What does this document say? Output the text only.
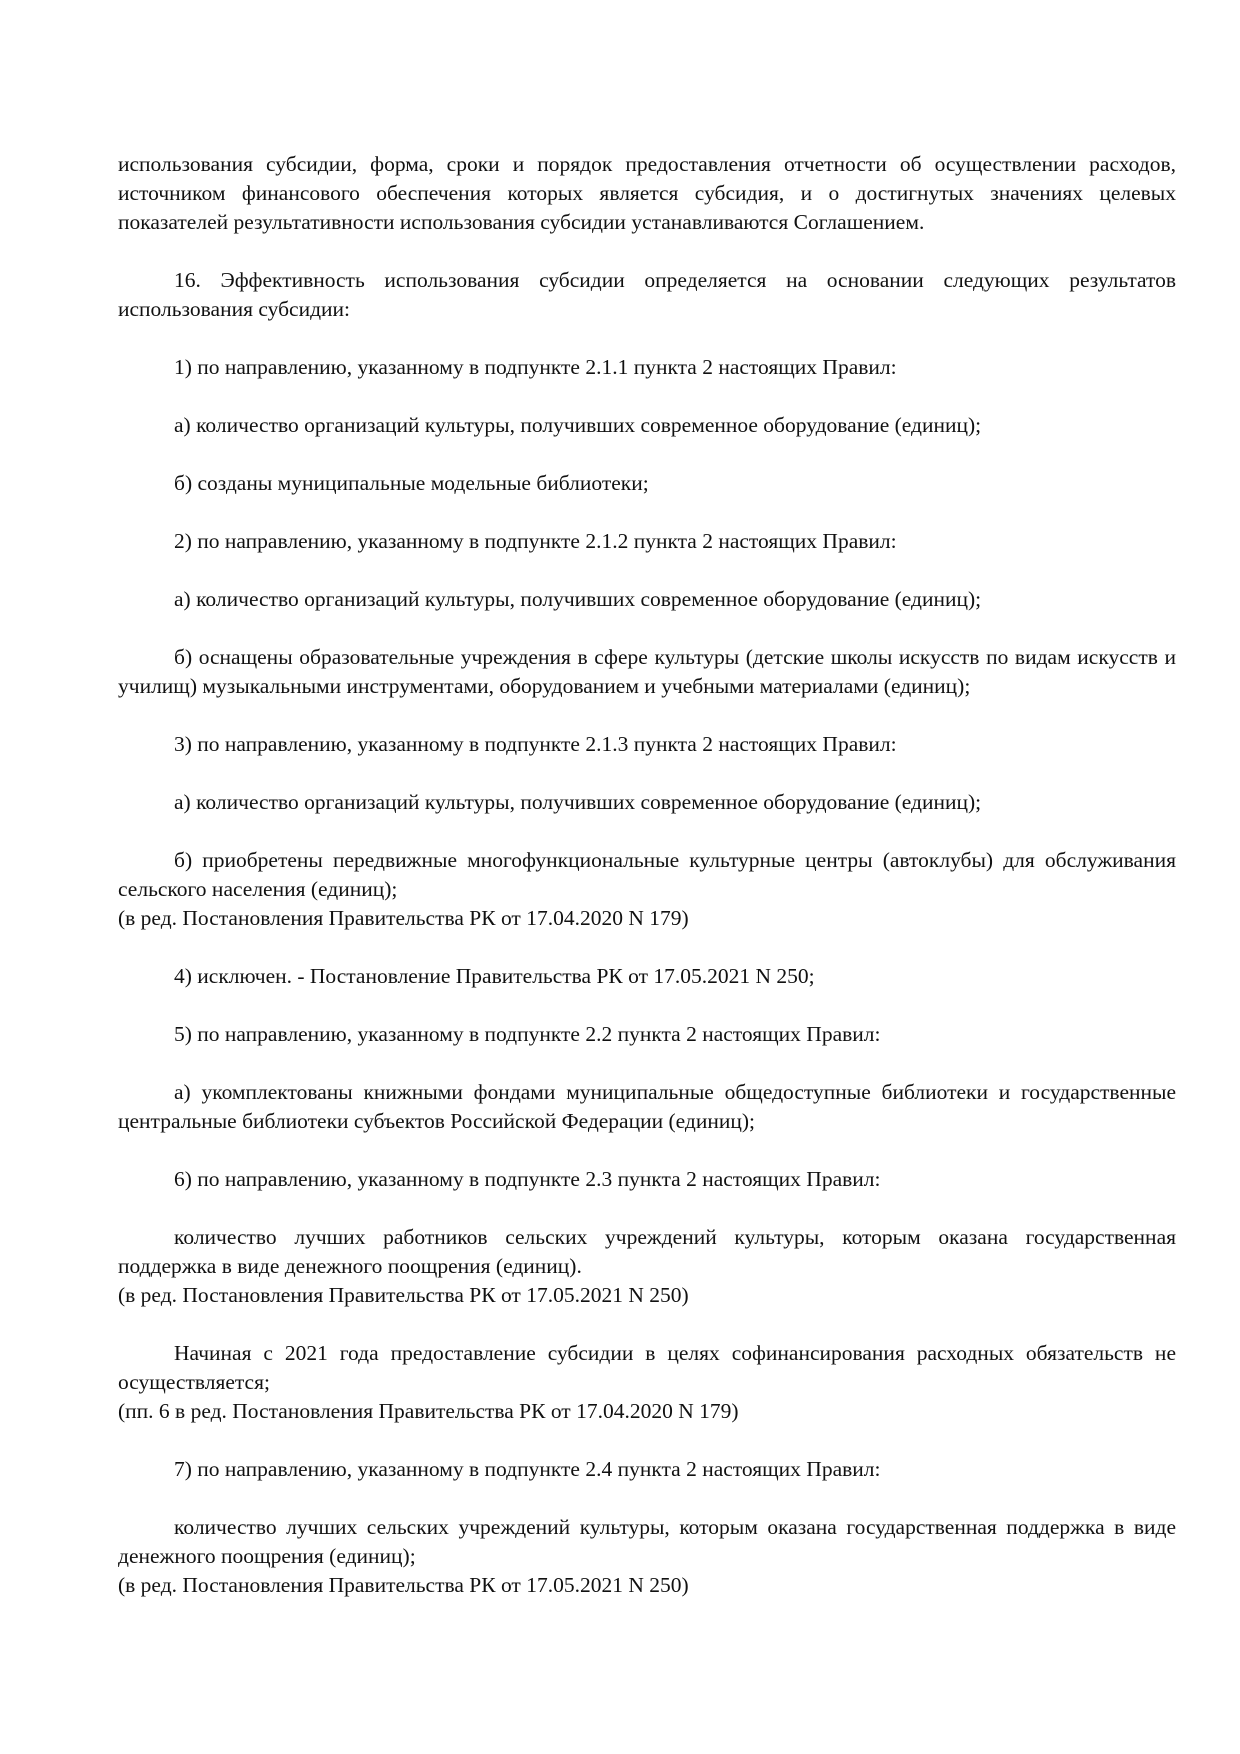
использования субсидии, форма, сроки и порядок предоставления отчетности об осуществлении расходов, источником финансового обеспечения которых является субсидия, и о достигнутых значениях целевых показателей результативности использования субсидии устанавливаются Соглашением.

16. Эффективность использования субсидии определяется на основании следующих результатов использования субсидии:

1) по направлению, указанному в подпункте 2.1.1 пункта 2 настоящих Правил:

а) количество организаций культуры, получивших современное оборудование (единиц);

б) созданы муниципальные модельные библиотеки;

2) по направлению, указанному в подпункте 2.1.2 пункта 2 настоящих Правил:

а) количество организаций культуры, получивших современное оборудование (единиц);

б) оснащены образовательные учреждения в сфере культуры (детские школы искусств по видам искусств и училищ) музыкальными инструментами, оборудованием и учебными материалами (единиц);

3) по направлению, указанному в подпункте 2.1.3 пункта 2 настоящих Правил:

а) количество организаций культуры, получивших современное оборудование (единиц);

б) приобретены передвижные многофункциональные культурные центры (автоклубы) для обслуживания сельского населения (единиц);
(в ред. Постановления Правительства РК от 17.04.2020 N 179)

4) исключен. - Постановление Правительства РК от 17.05.2021 N 250;

5) по направлению, указанному в подпункте 2.2 пункта 2 настоящих Правил:

а) укомплектованы книжными фондами муниципальные общедоступные библиотеки и государственные центральные библиотеки субъектов Российской Федерации (единиц);

6) по направлению, указанному в подпункте 2.3 пункта 2 настоящих Правил:

количество лучших работников сельских учреждений культуры, которым оказана государственная поддержка в виде денежного поощрения (единиц).
(в ред. Постановления Правительства РК от 17.05.2021 N 250)

Начиная с 2021 года предоставление субсидии в целях софинансирования расходных обязательств не осуществляется;
(пп. 6 в ред. Постановления Правительства РК от 17.04.2020 N 179)

7) по направлению, указанному в подпункте 2.4 пункта 2 настоящих Правил:

количество лучших сельских учреждений культуры, которым оказана государственная поддержка в виде денежного поощрения (единиц);
(в ред. Постановления Правительства РК от 17.05.2021 N 250)
